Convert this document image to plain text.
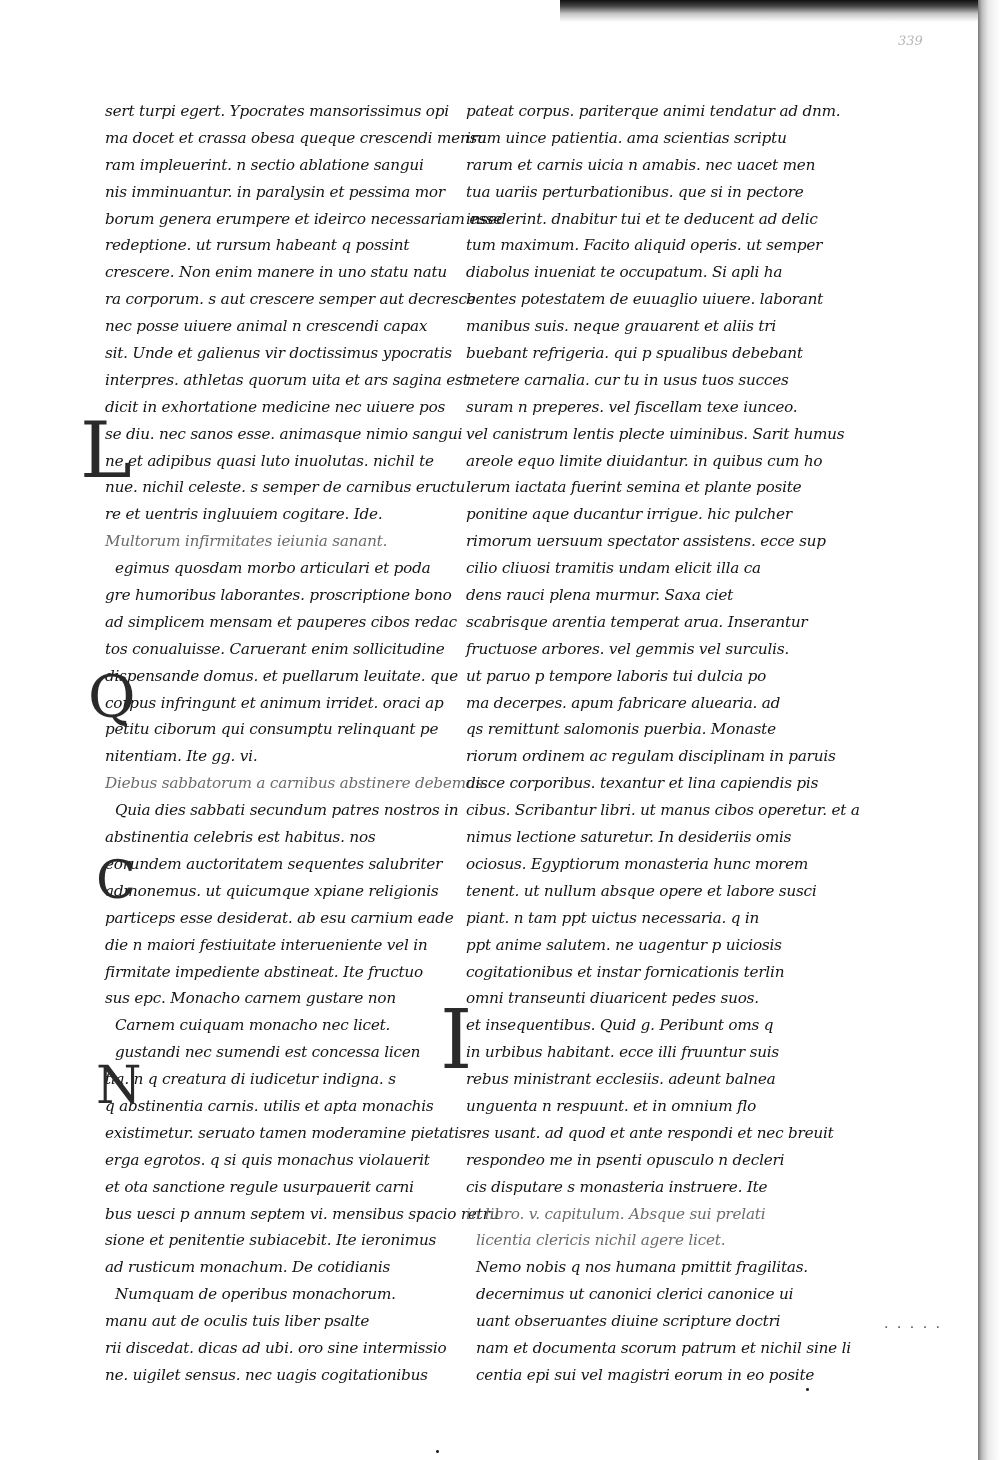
339
sert turpi egert. Ypocrates mansorissimus opi
ma docet et crassa obesa queque crescendi mensu
ram impleuerint. n sectio ablatione sangui
nis imminuantur. in paralysin et pessima mor
borum genera erumpere et ideirco necessariam esse
redeptione. ut rursum habeant q possint
crescere. Non enim manere in uno statu natu
ra corporum. s aut crescere semper aut decresce
nec posse uiuere animal n crescendi capax
sit. Unde et galienus vir doctissimus ypocratis
interpres. athletas quorum uita et ars sagina est.
dicit in exhortatione medicine nec uiuere pos
se diu. nec sanos esse. animasque nimio sangui
ne et adipibus quasi luto inuolutas. nichil te
nue. nichil celeste. s semper de carnibus eructu
re et uentris ingluuiem cogitare. Ide.
Multorum infirmitates ieiunia sanant.
egimus quosdam morbo articulari et poda
gre humoribus laborantes. proscriptione bono
ad simplicem mensam et pauperes cibos redac
tos conualuisse. Caruerant enim sollicitudine
dispensande domus. et puellarum leuitate. que
corpus infringunt et animum irridet. oraci ap
petitu ciborum qui consumptu relinquant pe
nitentiam. Ite gg. vi.
Diebus sabbatorum a carnibus abstinere debemus.
Quia dies sabbati secundum patres nostros in
abstinentia celebris est habitus. nos
eorundem auctoritatem sequentes salubriter
admonemus. ut quicumque xpiane religionis
particeps esse desiderat. ab esu carnium eade
die n maiori festiuitate interueniente vel in
firmitate impediente abstineat. Ite fructuo
sus epc. Monacho carnem gustare non
Carnem cuiquam monacho nec licet.
gustandi nec sumendi est concessa licen
tia. n q creatura di iudicetur indigna. s
q abstinentia carnis. utilis et apta monachis
existimetur. seruato tamen moderamine pietatis
erga egrotos. q si quis monachus violauerit
et ota sanctione regule usurpauerit carni
bus uesci p annum septem vi. mensibus spacio retru
sione et penitentie subiacebit. Ite ieronimus
ad rusticum monachum. De cotidianis
Numquam de operibus monachorum.
manu aut de oculis tuis liber psalte
rii discedat. dicas ad ubi. oro sine intermissio
ne. uigilet sensus. nec uagis cogitationibus
pateat corpus. pariterque animi tendatur ad dnm.
iram uince patientia. ama scientias scriptu
rarum et carnis uicia n amabis. nec uacet men
tua uariis perturbationibus. que si in pectore
insederint. dnabitur tui et te deducent ad delic
tum maximum. Facito aliquid operis. ut semper
diabolus inueniat te occupatum. Si apli ha
bentes potestatem de euuaglio uiuere. laborant
manibus suis. neque grauarent et aliis tri
buebant refrigeria. qui p spualibus debebant
metere carnalia. cur tu in usus tuos succes
suram n preperes. vel fiscellam texe iunceo.
vel canistrum lentis plecte uiminibus. Sarit humus
areole equo limite diuidantur. in quibus cum ho
lerum iactata fuerint semina et plante posite
ponitine aque ducantur irrigue. hic pulcher
rimorum uersuum spectator assistens. ecce sup
cilio cliuosi tramitis undam elicit illa ca
dens rauci plena murmur. Saxa ciet
scabrisque arentia temperat arua. Inserantur
fructuose arbores. vel gemmis vel surculis.
ut paruo p tempore laboris tui dulcia po
ma decerpes. apum fabricare aluearia. ad
qs remittunt salomonis puerbia. Monaste
riorum ordinem ac regulam disciplinam in paruis
disce corporibus. texantur et lina capiendis pis
cibus. Scribantur libri. ut manus cibos operetur. et a
nimus lectione saturetur. In desideriis omis
ociosus. Egyptiorum monasteria hunc morem
tenent. ut nullum absque opere et labore susci
piant. n tam ppt uictus necessaria. q in
ppt anime salutem. ne uagentur p uiciosis
cogitationibus et instar fornicationis terlin
omni transeunti diuaricent pedes suos.
et insequentibus. Quid g. Peribunt oms q
in urbibus habitant. ecce illi fruuntur suis
rebus ministrant ecclesiis. adeunt balnea
unguenta n respuunt. et in omnium flo
res usant. ad quod et ante respondi et nec breuit
respondeo me in psenti opusculo n decleri
cis disputare s monasteria instruere. Ite
in libro. v. capitulum. Absque sui prelati
licentia clericis nichil agere licet.
Nemo nobis q nos humana pmittit fragilitas.
decernimus ut canonici clerici canonice ui
uant obseruantes diuine scripture doctri
nam et documenta scorum patrum et nichil sine li
centia epi sui vel magistri eorum in eo posite
L
Q
C
N	I
· · · · ·
